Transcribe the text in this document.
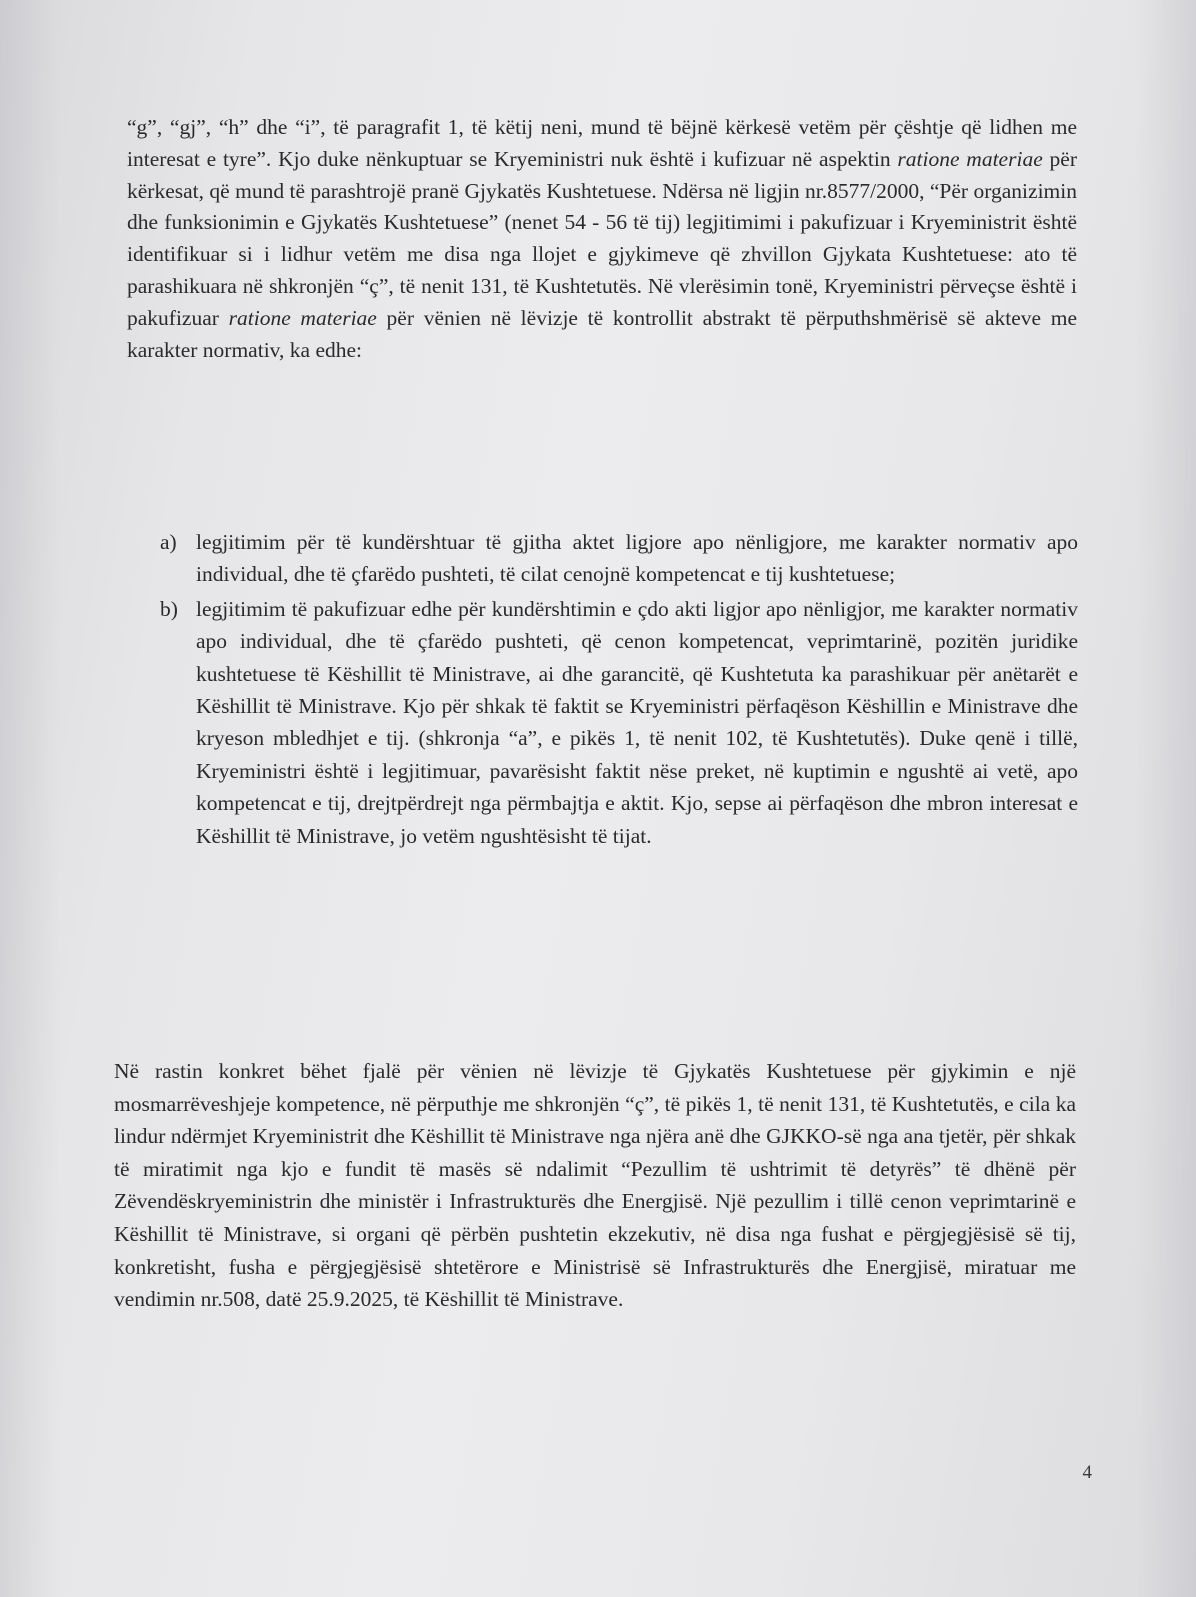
“g”, “gj”, “h” dhe “i”, të paragrafit 1, të këtij neni, mund të bëjnë kërkesë vetëm për çështje që lidhen me interesat e tyre”. Kjo duke nënkuptuar se Kryeministri nuk është i kufizuar në aspektin ratione materiae për kërkesat, që mund të parashtrojë pranë Gjykatës Kushtetuese. Ndërsa në ligjin nr.8577/2000, “Për organizimin dhe funksionimin e Gjykatës Kushtetuese” (nenet 54 - 56 të tij) legjitimimi i pakufizuar i Kryeministrit është identifikuar si i lidhur vetëm me disa nga llojet e gjykimeve që zhvillon Gjykata Kushtetuese: ato të parashikuara në shkronjën “ç”, të nenit 131, të Kushtetutës. Në vlerësimin tonë, Kryeministri përveçse është i pakufizuar ratione materiae për vënien në lëvizje të kontrollit abstrakt të përputhshmërisë së akteve me karakter normativ, ka edhe:

a) legjitimim për të kundërshtuar të gjitha aktet ligjore apo nënligjore, me karakter normativ apo individual, dhe të çfarëdo pushteti, të cilat cenojnë kompetencat e tij kushtetuese;
b) legjitimim të pakufizuar edhe për kundërshtimin e çdo akti ligjor apo nënligjor, me karakter normativ apo individual, dhe të çfarëdo pushteti, që cenon kompetencat, veprimtarinë, pozitën juridike kushtetuese të Këshillit të Ministrave, ai dhe garancitë, që Kushtetuta ka parashikuar për anëtarët e Këshillit të Ministrave. Kjo për shkak të faktit se Kryeministri përfaqëson Këshillin e Ministrave dhe kryeson mbledhjet e tij. (shkronja “a”, e pikës 1, të nenit 102, të Kushtetutës). Duke qenë i tillë, Kryeministri është i legjitimuar, pavarësisht faktit nëse preket, në kuptimin e ngushtë ai vetë, apo kompetencat e tij, drejtpërdrejt nga përmbajtja e aktit. Kjo, sepse ai përfaqëson dhe mbron interesat e Këshillit të Ministrave, jo vetëm ngushtësisht të tijat.

Në rastin konkret bëhet fjalë për vënien në lëvizje të Gjykatës Kushtetuese për gjykimin e një mosmarrëveshjeje kompetence, në përputhje me shkronjën “ç”, të pikës 1, të nenit 131, të Kushtetutës, e cila ka lindur ndërmjet Kryeministrit dhe Këshillit të Ministrave nga njëra anë dhe GJKKO-së nga ana tjetër, për shkak të miratimit nga kjo e fundit të masës së ndalimit “Pezullim të ushtrimit të detyrës” të dhënë për Zëvendëskryeministrin dhe ministër i Infrastrukturës dhe Energjisë. Një pezullim i tillë cenon veprimtarinë e Këshillit të Ministrave, si organi që përbën pushtetin ekzekutiv, në disa nga fushat e përgjegjësisë së tij, konkretisht, fusha e përgjegjësisë shtetërore e Ministrisë së Infrastrukturës dhe Energjisë, miratuar me vendimin nr.508, datë 25.9.2025, të Këshillit të Ministrave.

4
